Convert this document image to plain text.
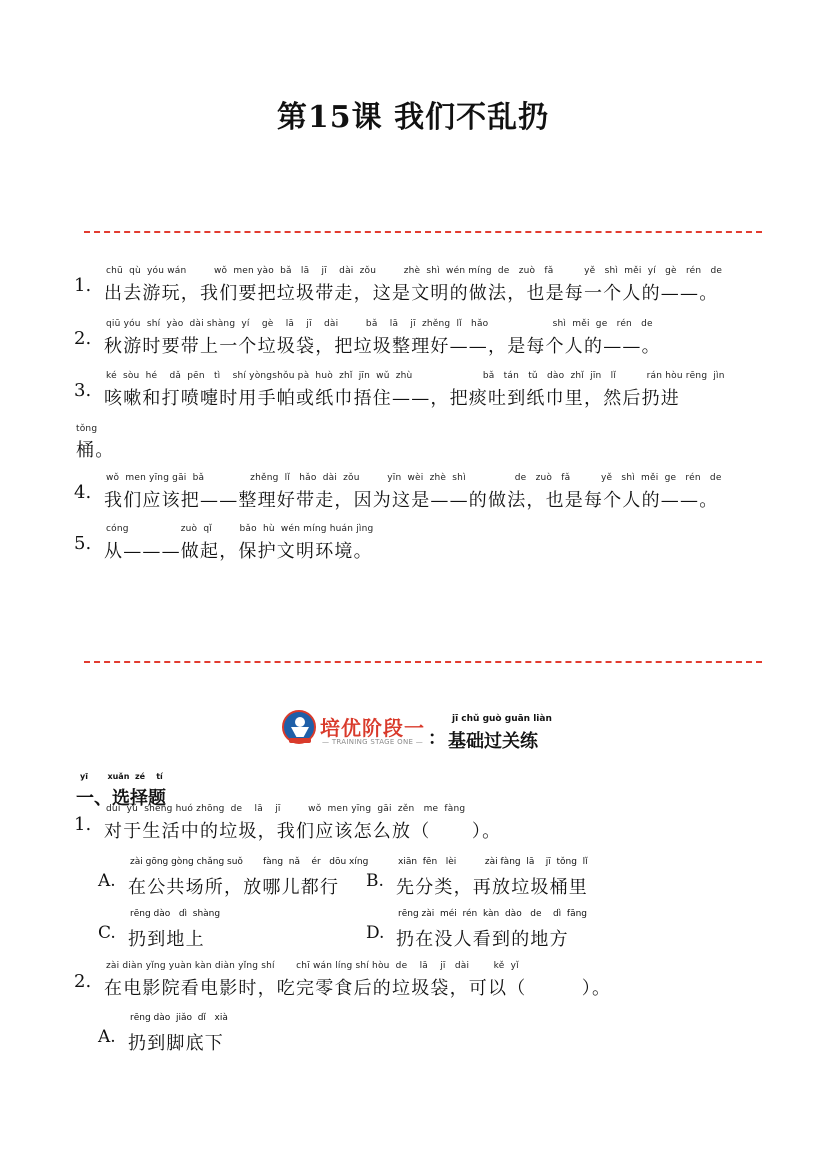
第15课 我们不乱扔
1.
chū  qù  yóu wán         wǒ  men yào  bǎ   lā    jī    dài  zǒu         zhè  shì  wén míng  de   zuò   fǎ          yě   shì  měi  yí   gè   rén   de
出去游玩，我们要把垃圾带走，这是文明的做法，也是每一个人的——。
2.
qiū yóu  shí  yào  dài shàng  yí    gè    lā    jī    dài         bǎ    lā    jī  zhěng  lǐ   hǎo                     shì  měi  ge   rén   de
秋游时要带上一个垃圾袋，把垃圾整理好——，是每个人的——。
3.
ké  sòu  hé    dǎ  pēn   tì    shí yòngshǒu pà  huò  zhǐ  jīn  wǔ  zhù                       bǎ   tán   tǔ   dào  zhǐ  jīn   lǐ          rán hòu rēng  jìn
咳嗽和打喷嚏时用手帕或纸巾捂住——，把痰吐到纸巾里，然后扔进
tǒng
桶。
4.
wǒ  men yīng gāi  bǎ               zhěng  lǐ   hǎo  dài  zǒu         yīn  wèi  zhè  shì                de   zuò   fǎ          yě   shì  měi  ge   rén   de
我们应该把——整理好带走，因为这是——的做法，也是每个人的——。
5.
cóng                 zuò  qǐ         bǎo  hù  wén míng huán jìng
从———做起，保护文明环境。
培优阶段一
— TRAINING STAGE ONE — ：
jī chǔ guò guān liàn
基础过关练
yī       xuǎn  zé    tí
一、选择题
1.
duì  yú  shēng huó zhōng  de    lā    jī         wǒ  men yīng  gāi  zěn   me  fàng
对于生活中的垃圾，我们应该怎么放（      ）。
A.
zài gōng gòng chǎng suǒ       fàng  nǎ    ér   dōu xíng
在公共场所，放哪儿都行 B.
xiān  fēn   lèi          zài fàng  lā    jī  tǒng  lǐ
先分类，再放垃圾桶里
C.
rēng dào   dì  shàng
扔到地上	D.
rēng zài  méi  rén  kàn  dào   de    dì  fāng
扔在没人看到的地方
2.
zài diàn yǐng yuàn kàn diàn yǐng shí       chī wán líng shí hòu  de    lā    jī   dài        kě  yǐ
在电影院看电影时，吃完零食后的垃圾袋，可以（        ）。
A.
rēng dào  jiǎo  dǐ   xià
扔到脚底下
